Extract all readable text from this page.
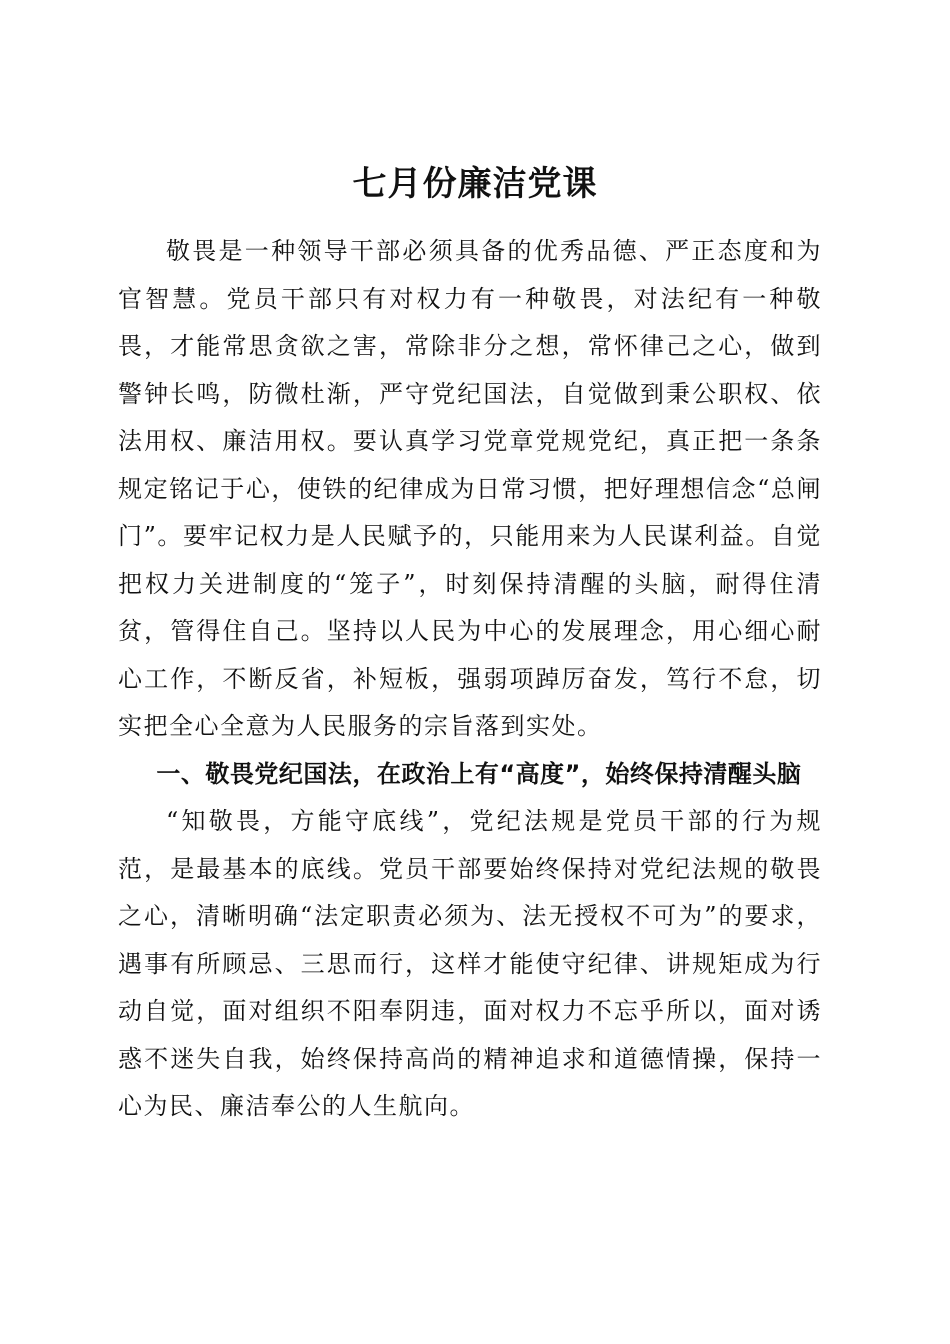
七月份廉洁党课

敬畏是一种领导干部必须具备的优秀品德、严正态度和为官智慧。党员干部只有对权力有一种敬畏，对法纪有一种敬畏，才能常思贪欲之害，常除非分之想，常怀律己之心，做到警钟长鸣，防微杜渐，严守党纪国法，自觉做到秉公职权、依法用权、廉洁用权。要认真学习党章党规党纪，真正把一条条规定铭记于心，使铁的纪律成为日常习惯，把好理想信念“总闸门”。要牢记权力是人民赋予的，只能用来为人民谋利益。自觉把权力关进制度的“笼子”，时刻保持清醒的头脑，耐得住清贫，管得住自己。坚持以人民为中心的发展理念，用心细心耐心工作，不断反省，补短板，强弱项踔厉奋发，笃行不怠，切实把全心全意为人民服务的宗旨落到实处。

一、敬畏党纪国法，在政治上有“高度”，始终保持清醒头脑

“知敬畏，方能守底线”，党纪法规是党员干部的行为规范，是最基本的底线。党员干部要始终保持对党纪法规的敬畏之心，清晰明确“法定职责必须为、法无授权不可为”的要求，遇事有所顾忌、三思而行，这样才能使守纪律、讲规矩成为行动自觉，面对组织不阳奉阴违，面对权力不忘乎所以，面对诱惑不迷失自我，始终保持高尚的精神追求和道德情操，保持一心为民、廉洁奉公的人生航向。
